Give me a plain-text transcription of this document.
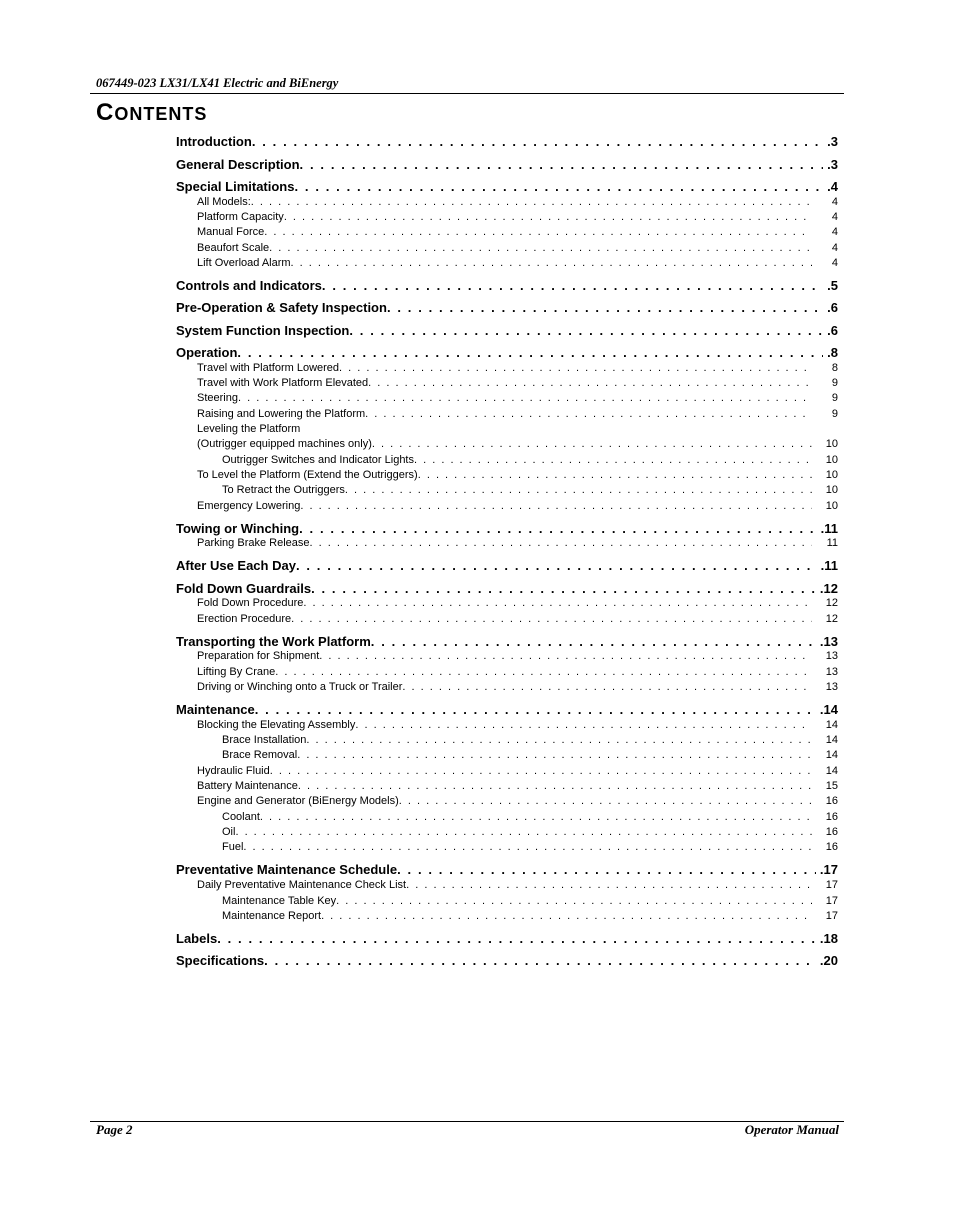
067449-023 LX31/LX41 Electric and BiEnergy
CONTENTS
Introduction . . .	.3
General Description . . .	.3
Special Limitations . . .	.4
All Models: . . .	4
Platform Capacity . . .	4
Manual Force . . .	4
Beaufort Scale . . .	4
Lift Overload Alarm . . .	4
Controls and Indicators . . .	.5
Pre-Operation & Safety Inspection . . .	.6
System Function Inspection . . .	.6
Operation . . .	.8
Travel with Platform Lowered . . .	8
Travel with Work Platform Elevated . . .	9
Steering . . .	9
Raising and Lowering the Platform . . .	9
Leveling the Platform
(Outrigger equipped machines only) . . .	10
Outrigger Switches and Indicator Lights . . .	10
To Level the Platform (Extend the Outriggers) . . .	10
To Retract the Outriggers . . .	10
Emergency Lowering . . .	10
Towing or Winching . . .	.11
Parking Brake Release . . .	11
After Use Each Day . . .	.11
Fold Down Guardrails . . .	.12
Fold Down Procedure . . .	12
Erection Procedure . . .	12
Transporting the Work Platform . . .	.13
Preparation for Shipment . . .	13
Lifting By Crane . . .	13
Driving or Winching onto a Truck or Trailer . . .	13
Maintenance . . .	.14
Blocking the Elevating Assembly . . .	14
Brace Installation . . .	14
Brace Removal . . .	14
Hydraulic Fluid . . .	14
Battery Maintenance . . .	15
Engine and Generator (BiEnergy Models) . . .	16
Coolant . . .	16
Oil . . .	16
Fuel . . .	16
Preventative Maintenance Schedule . . .	.17
Daily Preventative Maintenance Check List . . .	17
Maintenance Table Key . . .	17
Maintenance Report . . .	17
Labels . . .	.18
Specifications . . .	.20
Page 2	Operator Manual
